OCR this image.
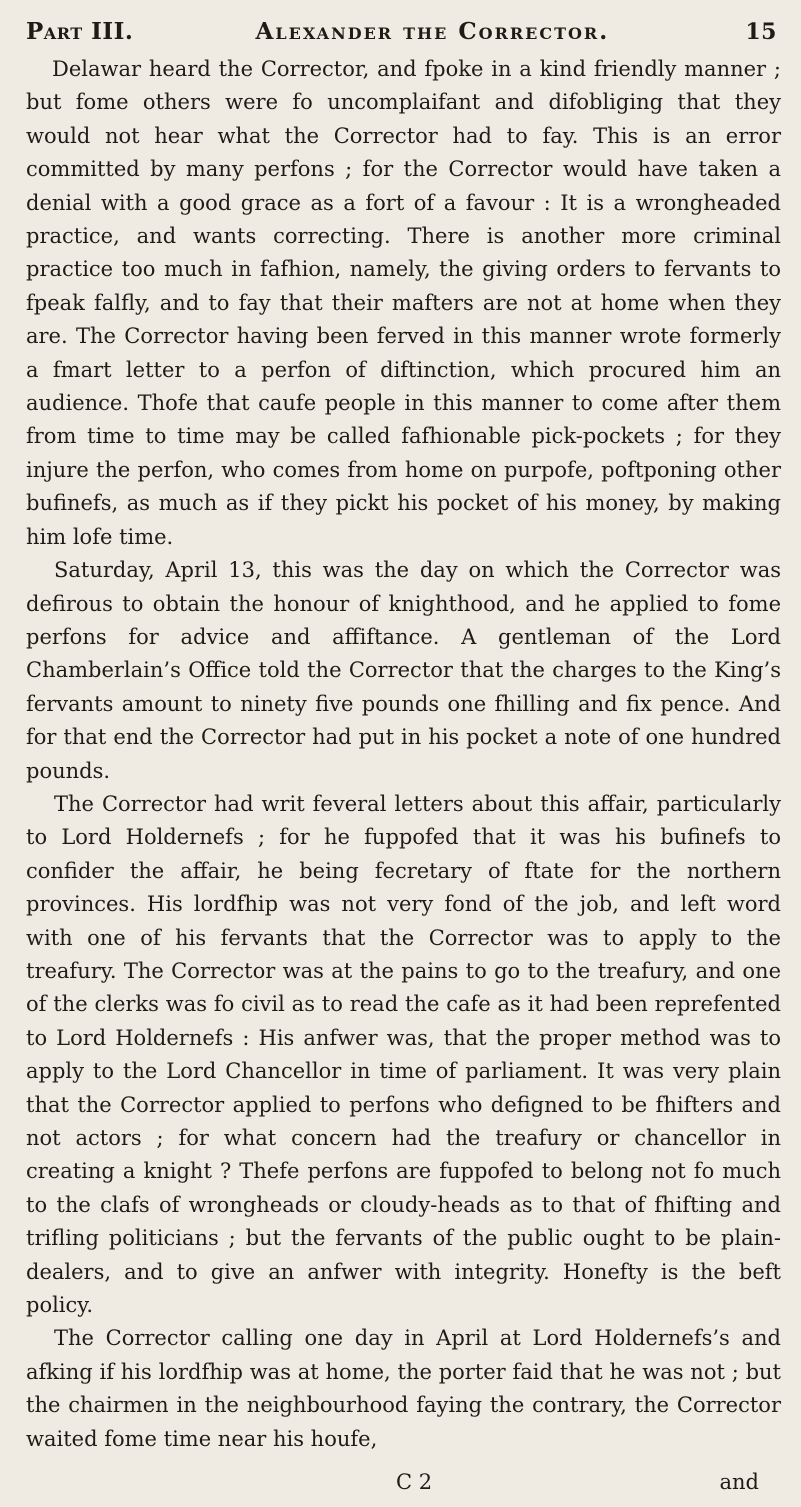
Part III.	Alexander the Corrector.	15

Delawar heard the Corrector, and fpoke in a kind friendly manner ; but fome others were fo uncomplaifant and difobliging that they would not hear what the Corrector had to fay. This is an error committed by many perfons ; for the Corrector would have taken a denial with a good grace as a fort of a favour : It is a wrongheaded practice, and wants correcting. There is another more criminal practice too much in fafhion, namely, the giving orders to fervants to fpeak falfly, and to fay that their mafters are not at home when they are. The Corrector having been ferved in this manner wrote formerly a fmart letter to a perfon of diftinction, which procured him an audience. Thofe that caufe people in this manner to come after them from time to time may be called fafhionable pick-pockets ; for they injure the perfon, who comes from home on purpofe, poftponing other bufinefs, as much as if they pickt his pocket of his money, by making him lofe time.

Saturday, April 13, this was the day on which the Corrector was defirous to obtain the honour of knighthood, and he applied to fome perfons for advice and affiftance. A gentleman of the Lord Chamberlain’s Office told the Corrector that the charges to the King’s fervants amount to ninety five pounds one fhilling and fix pence. And for that end the Corrector had put in his pocket a note of one hundred pounds.

The Corrector had writ feveral letters about this affair, particularly to Lord Holdernefs ; for he fuppofed that it was his bufinefs to confider the affair, he being fecretary of ftate for the northern provinces. His lordfhip was not very fond of the job, and left word with one of his fervants that the Corrector was to apply to the treafury. The Corrector was at the pains to go to the treafury, and one of the clerks was fo civil as to read the cafe as it had been reprefented to Lord Holdernefs : His anfwer was, that the proper method was to apply to the Lord Chancellor in time of parliament. It was very plain that the Corrector applied to perfons who defigned to be fhifters and not actors ; for what concern had the treafury or chancellor in creating a knight ? Thefe perfons are fuppofed to belong not fo much to the clafs of wrongheads or cloudy-heads as to that of fhifting and trifling politicians ; but the fervants of the public ought to be plain-dealers, and to give an anfwer with integrity. Honefty is the beft policy.

The Corrector calling one day in April at Lord Holdernefs’s and afking if his lordfhip was at home, the porter faid that he was not ; but the chairmen in the neighbourhood faying the contrary, the Corrector waited fome time near his houfe,

C 2	and
